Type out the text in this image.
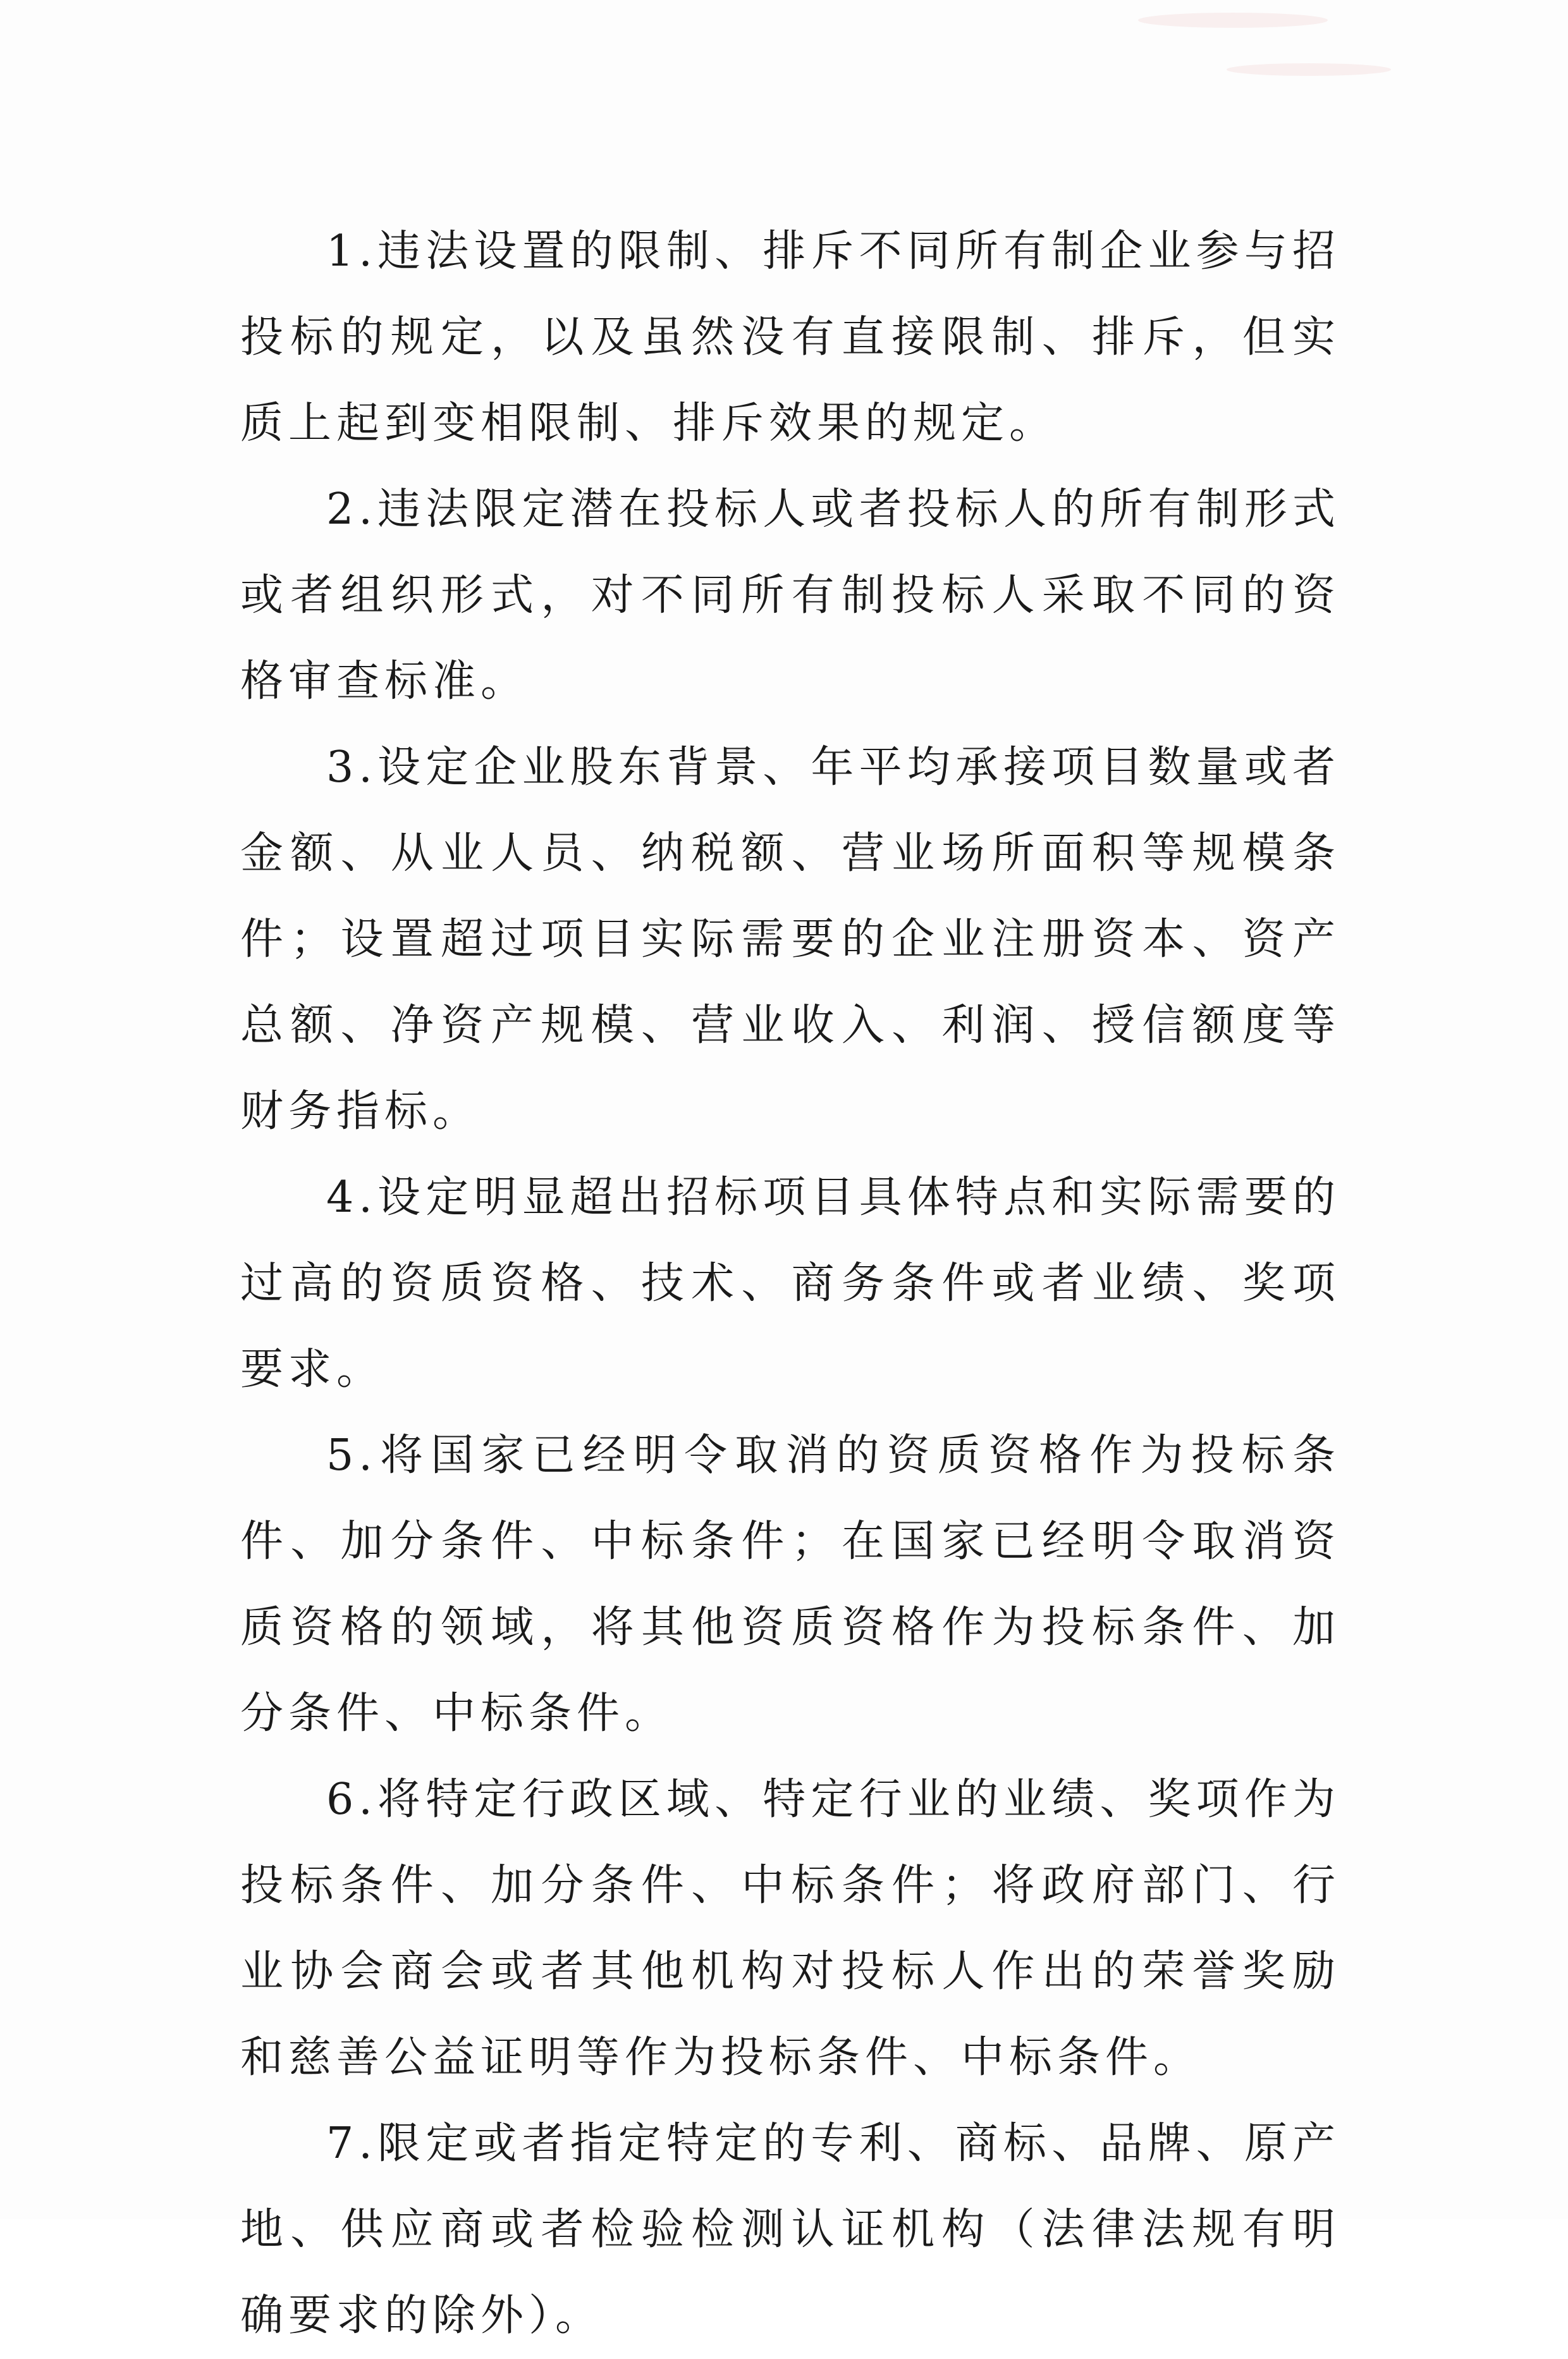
1.违法设置的限制、排斥不同所有制企业参与招投标的规定，以及虽然没有直接限制、排斥，但实质上起到变相限制、排斥效果的规定。

2.违法限定潜在投标人或者投标人的所有制形式或者组织形式，对不同所有制投标人采取不同的资格审查标准。

3.设定企业股东背景、年平均承接项目数量或者金额、从业人员、纳税额、营业场所面积等规模条件；设置超过项目实际需要的企业注册资本、资产总额、净资产规模、营业收入、利润、授信额度等财务指标。

4.设定明显超出招标项目具体特点和实际需要的过高的资质资格、技术、商务条件或者业绩、奖项要求。

5.将国家已经明令取消的资质资格作为投标条件、加分条件、中标条件；在国家已经明令取消资质资格的领域，将其他资质资格作为投标条件、加分条件、中标条件。

6.将特定行政区域、特定行业的业绩、奖项作为投标条件、加分条件、中标条件；将政府部门、行业协会商会或者其他机构对投标人作出的荣誉奖励和慈善公益证明等作为投标条件、中标条件。

7.限定或者指定特定的专利、商标、品牌、原产地、供应商或者检验检测认证机构（法律法规有明确要求的除外）。
